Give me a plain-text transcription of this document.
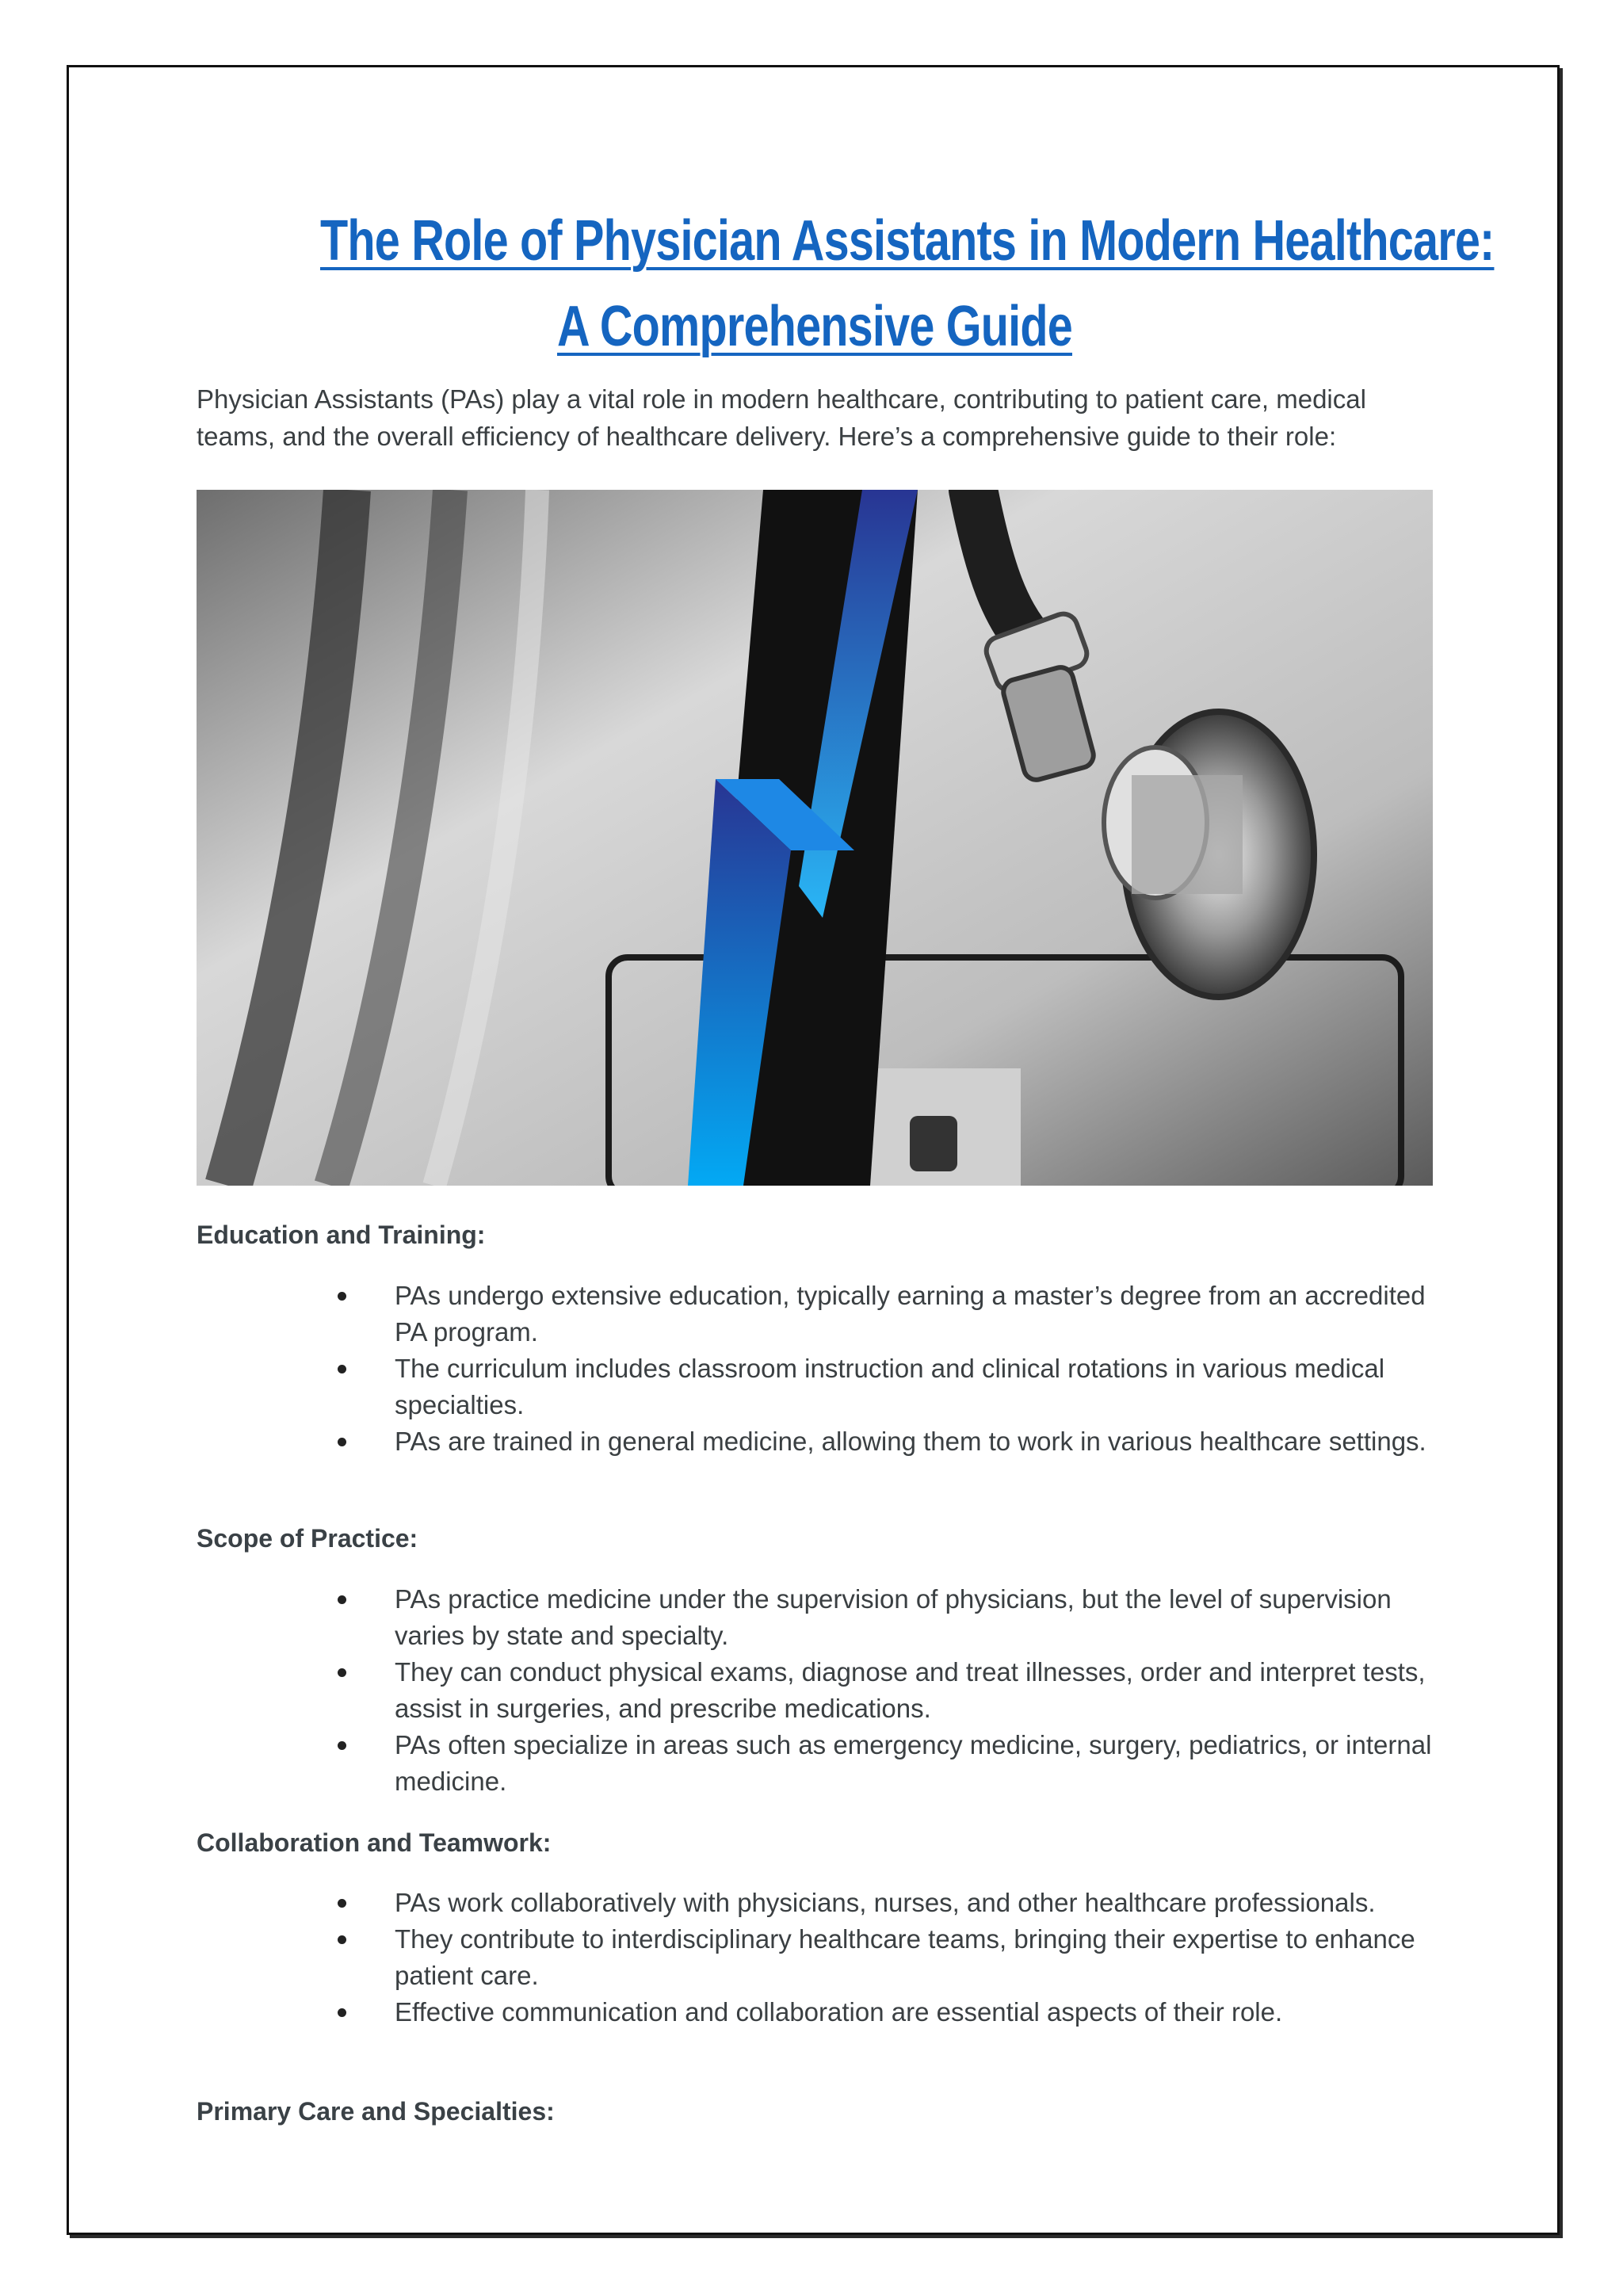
The Role of Physician Assistants in Modern Healthcare:
A Comprehensive Guide

Physician Assistants (PAs) play a vital role in modern healthcare, contributing to patient care, medical teams, and the overall efficiency of healthcare delivery. Here’s a comprehensive guide to their role:

Education and Training:
PAs undergo extensive education, typically earning a master’s degree from an accredited PA program.
The curriculum includes classroom instruction and clinical rotations in various medical specialties.
PAs are trained in general medicine, allowing them to work in various healthcare settings.
Scope of Practice:
PAs practice medicine under the supervision of physicians, but the level of supervision varies by state and specialty.
They can conduct physical exams, diagnose and treat illnesses, order and interpret tests, assist in surgeries, and prescribe medications.
PAs often specialize in areas such as emergency medicine, surgery, pediatrics, or internal medicine.
Collaboration and Teamwork:
PAs work collaboratively with physicians, nurses, and other healthcare professionals.
They contribute to interdisciplinary healthcare teams, bringing their expertise to enhance patient care.
Effective communication and collaboration are essential aspects of their role.
Primary Care and Specialties:
